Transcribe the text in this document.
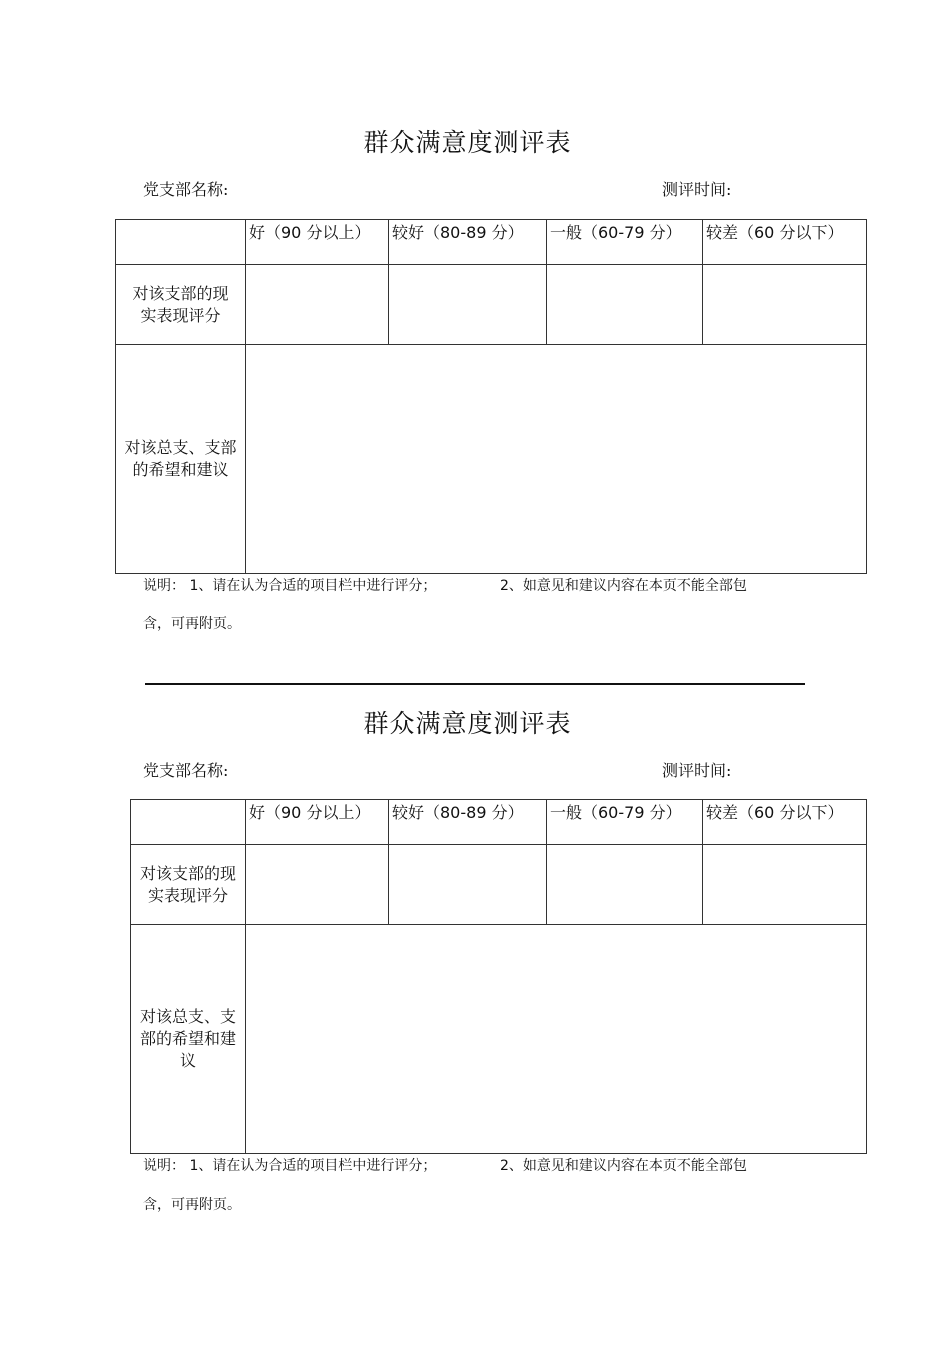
群众满意度测评表
党支部名称:	测评时间:
	好（90 分以上）	较好（80-89 分）	一般（60-79 分）	较差（60 分以下）
对该支部的现
实表现评分				
对该总支、支部
的希望和建议				
说明： 1、请在认为合适的项目栏中进行评分；	2、如意见和建议内容在本页不能全部包
含，可再附页。
群众满意度测评表
党支部名称:	测评时间:
	好（90 分以上）	较好（80-89 分）	一般（60-79 分）	较差（60 分以下）
对该支部的现
实表现评分				
对该总支、支
部的希望和建
议				
说明： 1、请在认为合适的项目栏中进行评分；	2、如意见和建议内容在本页不能全部包
含，可再附页。
